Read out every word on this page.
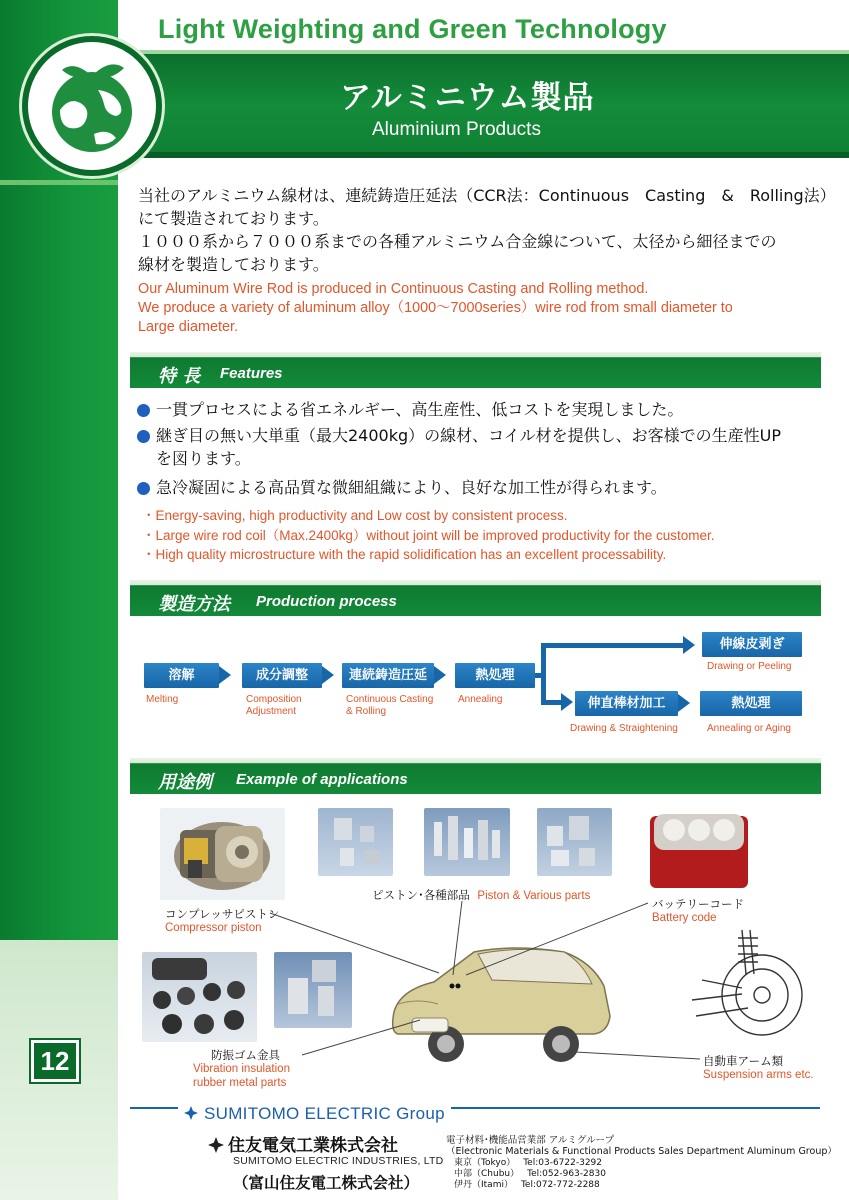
Light Weighting and Green Technology
アルミニウム製品
Aluminium Products
当社のアルミニウム線材は、連続鋳造圧延法（CCR法：Continuous　Casting　&　Rolling法）
にて製造されております。
１０００系から７０００系までの各種アルミニウム合金線について、太径から細径までの
線材を製造しております。
Our Aluminum Wire Rod is produced in Continuous Casting and Rolling method.
We produce a variety of aluminum alloy（1000～7000series）wire rod from small diameter to
Large diameter.
特 長 Features
一貫プロセスによる省エネルギー、高生産性、低コストを実現しました。
継ぎ目の無い大単重（最大2400kg）の線材、コイル材を提供し、お客様での生産性UP
を図ります。
急冷凝固による高品質な微細組織により、良好な加工性が得られます。
・Energy-saving, high productivity and Low cost by consistent process.
・Large wire rod coil（Max.2400kg）without joint will be improved productivity for the customer.
・High quality microstructure with the rapid solidification has an excellent processability.
製造方法 Production process
溶解	成分調整	連続鋳造圧延	熱処理
伸線皮剥ぎ
伸直棒材加工	熱処理
Melting	Composition
Adjustment
Continuous Casting
& Rolling
Annealing
Drawing or Peeling
Drawing & Straightening	Annealing or Aging
用途例 Example of applications
コンプレッサピストン
Compressor piston
ピストン･各種部品 Piston & Various parts
バッテリーコード
Battery code
防振ゴム金具
Vibration insulation
rubber metal parts
自動車アーム類
Suspension arms etc.
12
SUMITOMO ELECTRIC Group
住友電気工業株式会社
SUMITOMO ELECTRIC INDUSTRIES, LTD
（富山住友電工株式会社）
電子材料･機能品営業部 アルミグループ
（Electronic Materials & Functional Products Sales Department Aluminum Group）
東京（Tokyo） Tel:03-6722-3292
中部（Chubu） Tel:052-963-2830
伊丹（Itami） Tel:072-772-2288
